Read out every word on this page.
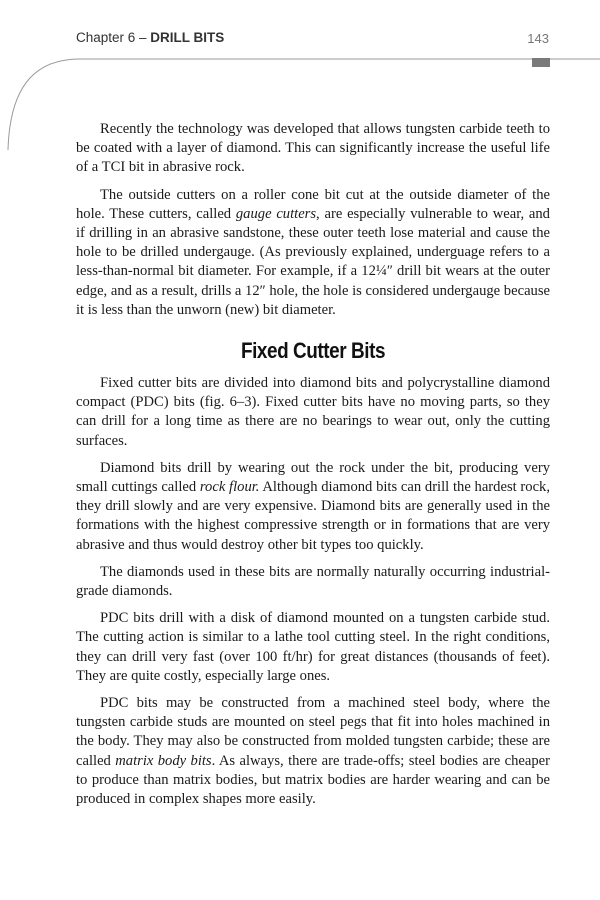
Chapter 6 – DRILL BITS	143

Recently the technology was developed that allows tungsten carbide teeth to be coated with a layer of diamond. This can significantly increase the useful life of a TCI bit in abrasive rock.

The outside cutters on a roller cone bit cut at the outside diameter of the hole. These cutters, called gauge cutters, are especially vulnerable to wear, and if drilling in an abrasive sandstone, these outer teeth lose material and cause the hole to be drilled undergauge. (As previously explained, underguage refers to a less-than-normal bit diameter. For example, if a 12¼″ drill bit wears at the outer edge, and as a result, drills a 12″ hole, the hole is considered undergauge because it is less than the unworn (new) bit diameter.

Fixed Cutter Bits

Fixed cutter bits are divided into diamond bits and polycrystalline diamond compact (PDC) bits (fig. 6–3). Fixed cutter bits have no moving parts, so they can drill for a long time as there are no bearings to wear out, only the cutting surfaces.

Diamond bits drill by wearing out the rock under the bit, producing very small cuttings called rock flour. Although diamond bits can drill the hardest rock, they drill slowly and are very expensive. Diamond bits are generally used in the formations with the highest compressive strength or in formations that are very abrasive and thus would destroy other bit types too quickly.

The diamonds used in these bits are normally naturally occurring industrial-grade diamonds.

PDC bits drill with a disk of diamond mounted on a tungsten carbide stud. The cutting action is similar to a lathe tool cutting steel. In the right conditions, they can drill very fast (over 100 ft/hr) for great distances (thousands of feet). They are quite costly, especially large ones.

PDC bits may be constructed from a machined steel body, where the tungsten carbide studs are mounted on steel pegs that fit into holes machined in the body. They may also be constructed from molded tungsten carbide; these are called matrix body bits. As always, there are trade-offs; steel bodies are cheaper to produce than matrix bodies, but matrix bodies are harder wearing and can be produced in complex shapes more easily.
